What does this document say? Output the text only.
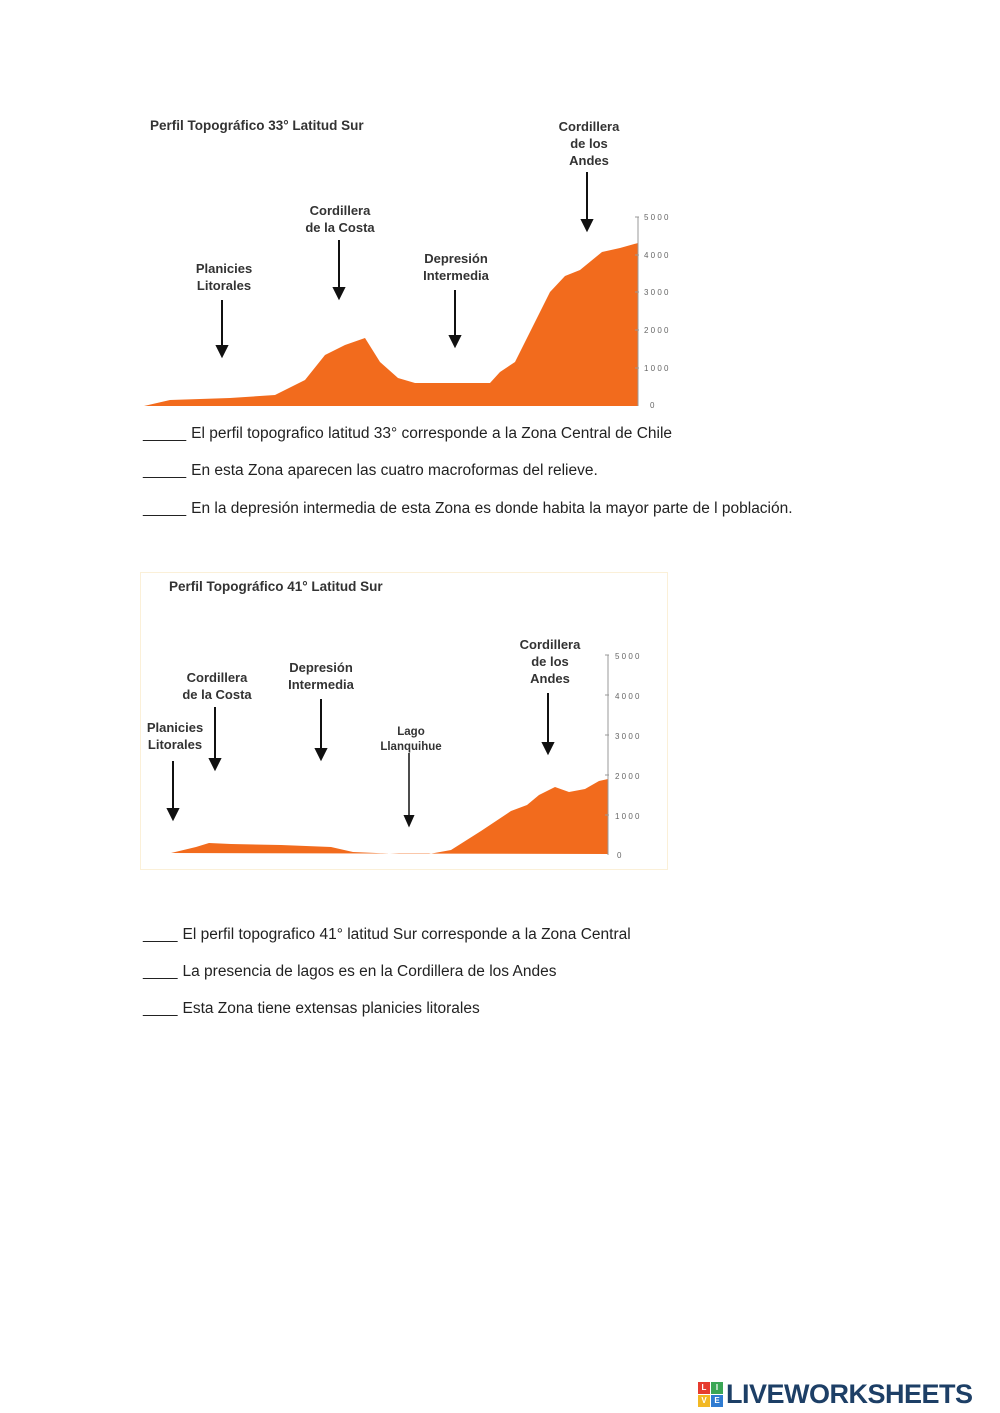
Perfil Topográfico 33° Latitud Sur
Planicies
Litorales
Cordillera
de la Costa
Depresión
Intermedia
Cordillera
de los
Andes
5 0 0 0
4 0 0 0
3 0 0 0
2 0 0 0
1 0 0 0
0
_____ El perfil topografico latitud 33° corresponde a la Zona Central de Chile
_____ En esta Zona aparecen las cuatro macroformas del relieve.
_____ En la depresión intermedia de esta Zona es donde habita la mayor parte de l población.
Perfil Topográfico 41° Latitud Sur
Planicies
Litorales
Cordillera
de la Costa
Depresión
Intermedia
Lago
Llanquihue
Cordillera
de los
Andes
5 0 0 0
4 0 0 0
3 0 0 0
2 0 0 0
1 0 0 0
0
____ El perfil topografico 41° latitud Sur corresponde a la Zona Central
____ La presencia de lagos es en la Cordillera de los Andes
____ Esta Zona tiene extensas planicies litorales
L	I
V E LIVEWORKSHEETS
